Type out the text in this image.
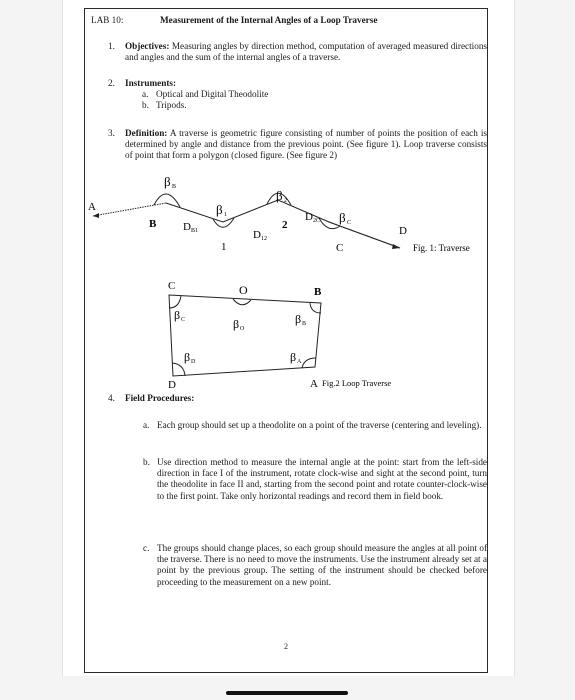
LAB 10:	Measurement of the Internal Angles of a Loop Traverse
1. Objectives: Measuring angles by direction method, computation of averaged measured directions and angles and the sum of the internal angles of a traverse.
2. Instruments:
a. Optical and Digital Theodolite
b. Tripods.
3. Definition: A traverse is geometric figure consisting of number of points the position of each is determined by angle and distance from the previous point. (See figure 1). Loop traverse consists of point that form a polygon (closed figure. (See figure 2)
A
B
1
2
C
D
β B
β 1
β 2
β C
D B1	D 12
D 2C
Fig. 1: Traverse
C	O	B
D	A
β C	β O
β B
β D	β A
Fig.2 Loop Traverse
4. Field Procedures:
a. Each group should set up a theodolite on a point of the traverse (centering and leveling).
b. Use direction method to measure the internal angle at the point: start from the left-side direction in face I of the instrument, rotate clock-wise and sight at the second point, turn the theodolite in face II and, starting from the second point and rotate counter-clock-wise to the first point. Take only horizontal readings and record them in field book.
c. The groups should change places, so each group should measure the angles at all point of the traverse. There is no need to move the instruments. Use the instrument already set at a point by the previous group. The setting of the instrument should be checked before proceeding to the measurement on a new point.
2
